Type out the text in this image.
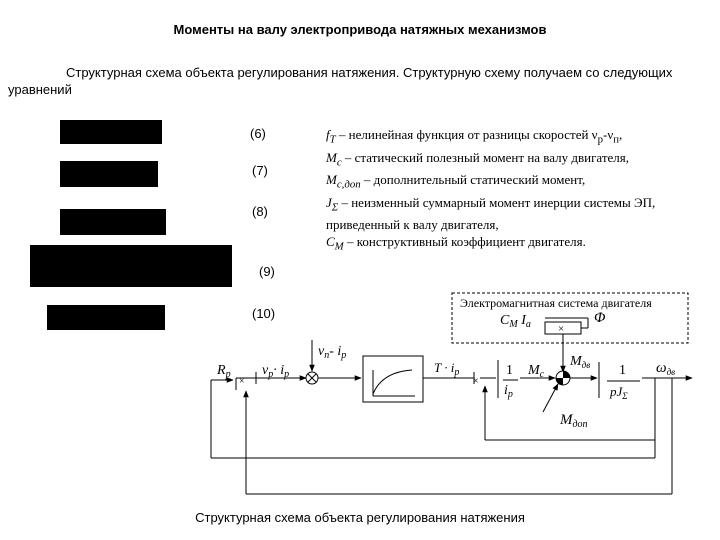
Моменты на валу электропривода натяжных механизмов
Структурная схема объекта регулирования натяжения. Структурную схему получаем со следующих уравнений
(6)
(7)
(8)
(9)
(10)
$f_Т$ – нелинейная функция от разницы скоростей $\nu_р-\nu_п$,
$M_c$ – статический полезный момент на валу двигателя,
$M_{c,доп}$ – дополнительный статический момент,
$J_\Sigma$ – неизменный суммарный момент инерции системы ЭП, приведенный к валу двигателя,
$C_M$ – конструктивный коэффициент двигателя.
Электромагнитная система двигателя
$C_M$ $I_a$	Φ
×
$R_p$
×
$\nu_p\cdot i_p$
$\nu_n-$ $i_p$
$T \cdot i_p$
×
1
$i_p$
$M_c$
$M_{дв}$
$M_{доп}$
1
$pJ_\Sigma$
$\omega_{дв}$
Структурная схема объекта регулирования натяжения
